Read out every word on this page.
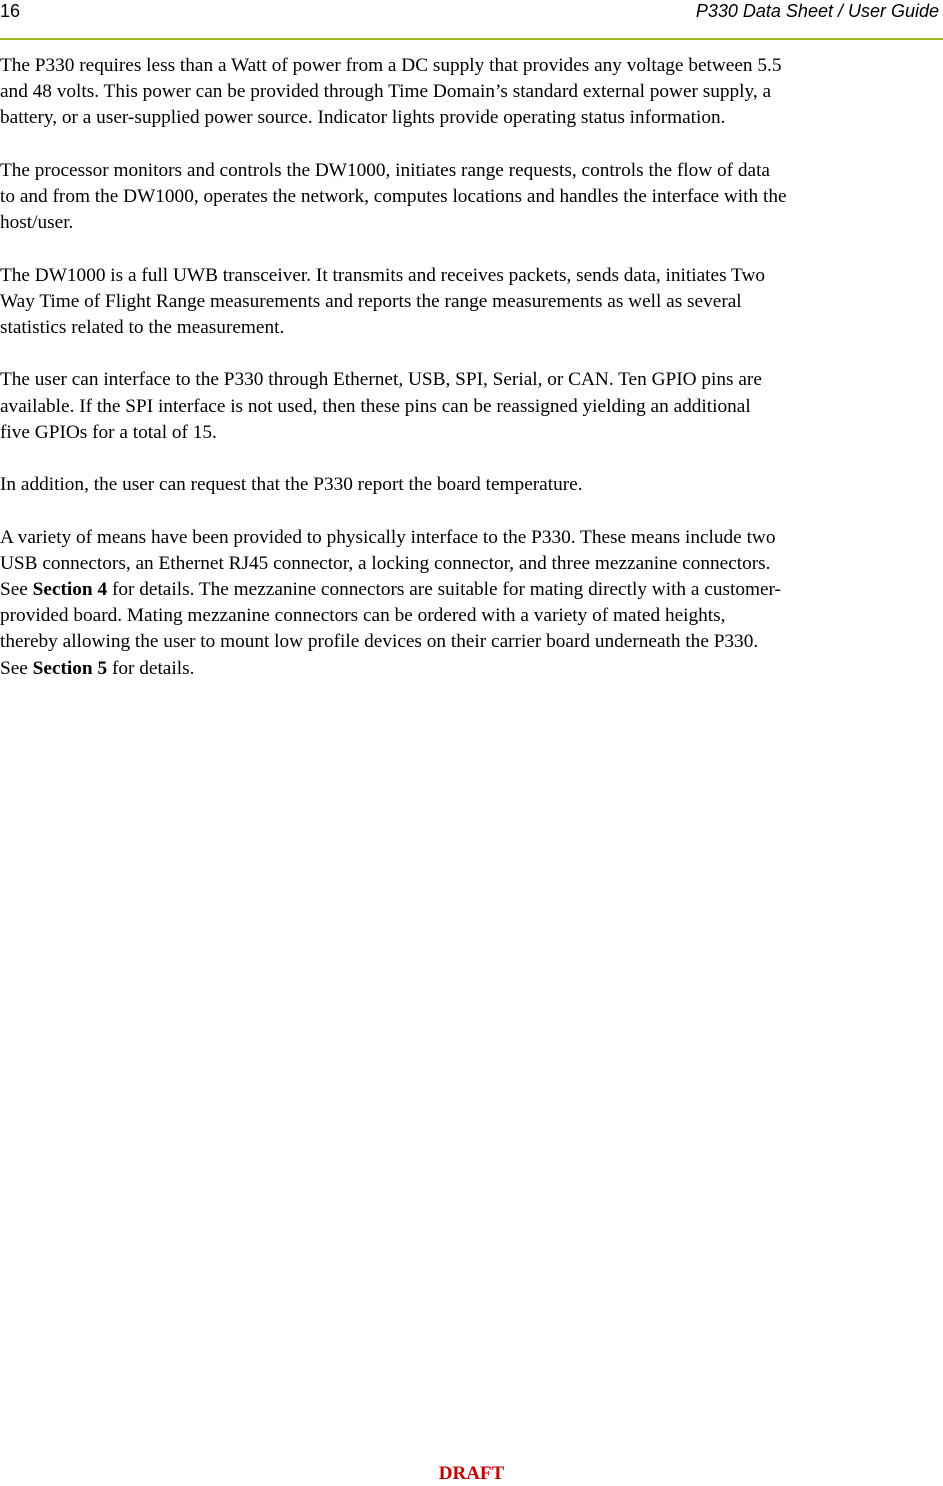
16	P330 Data Sheet / User Guide

The P330 requires less than a Watt of power from a DC supply that provides any voltage between 5.5
and 48 volts. This power can be provided through Time Domain’s standard external power supply, a
battery, or a user-supplied power source. Indicator lights provide operating status information.

The processor monitors and controls the DW1000, initiates range requests, controls the flow of data
to and from the DW1000, operates the network, computes locations and handles the interface with the
host/user.

The DW1000 is a full UWB transceiver. It transmits and receives packets, sends data, initiates Two
Way Time of Flight Range measurements and reports the range measurements as well as several
statistics related to the measurement.

The user can interface to the P330 through Ethernet, USB, SPI, Serial, or CAN. Ten GPIO pins are
available. If the SPI interface is not used, then these pins can be reassigned yielding an additional
five GPIOs for a total of 15.

In addition, the user can request that the P330 report the board temperature.

A variety of means have been provided to physically interface to the P330. These means include two
USB connectors, an Ethernet RJ45 connector, a locking connector, and three mezzanine connectors.
See Section 4 for details. The mezzanine connectors are suitable for mating directly with a customer-
provided board. Mating mezzanine connectors can be ordered with a variety of mated heights,
thereby allowing the user to mount low profile devices on their carrier board underneath the P330.
See Section 5 for details.

DRAFT
